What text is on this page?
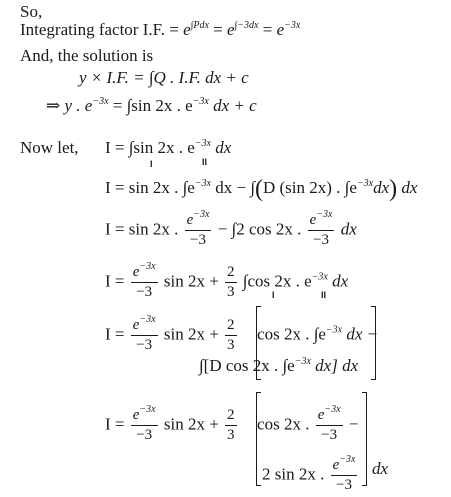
So,
Integrating factor I.F. = $e^{\int Pdx} = e^{\int-3dx} = e^{-3x}$
And, the solution is
y × I.F. = ∫Q . I.F. dx + c
⇒ y . $e^{-3x} = \int\sin$ 2x . $e^{-3x}$ dx + c
Now let, I = ∫sin 2x . $e^{-3x}$ dx
I	II
I = sin 2x . $\int e^{-3x}$ dx − ∫(D (sin 2x) . $\int e^{-3x}dx$) dx
I = sin 2x . $\frac{e^{-3x}}{-3} - \int 2$ cos 2x . $\frac{e^{-3x}}{-3}$ dx
$I = \frac{e^{-3x}}{-3}$ $\sin 2x + \frac{2}{3} \int\cos$ 2x . $e^{-3x}$ dx
I	II
$I = \frac{e^{-3x}}{-3}$ $\sin 2x + \frac{2}{3}$ cos 2x . $\int e^{-3x}$ dx −
∫[D cos 2x . $\int e^{-3x}$ dx] dx
$I = \frac{e^{-3x}}{-3}$ $\sin 2x + \frac{2}{3}$ cos 2x . $\frac{e^{-3x}}{-3}$ −
2 sin 2x . $\frac{e^{-3x}}{-3}$ dx
